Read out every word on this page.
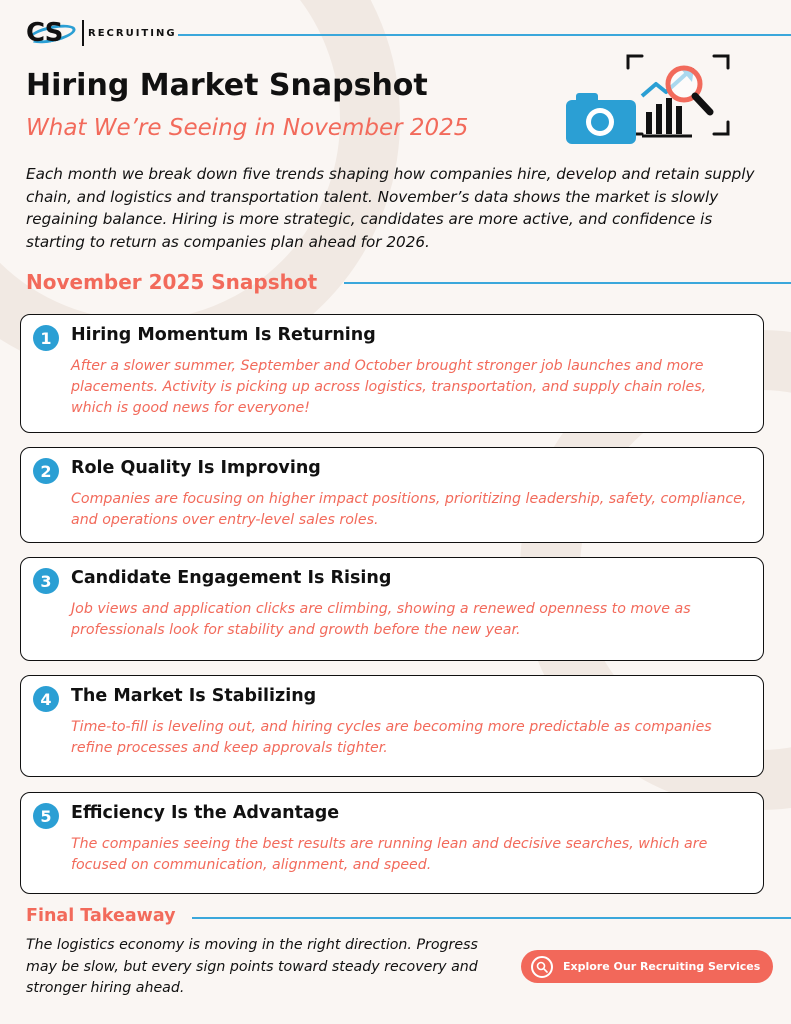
CS	RECRUITING
Hiring Market Snapshot
What We’re Seeing in November 2025

Each month we break down five trends shaping how companies hire, develop and retain supply chain, and logistics and transportation talent. November’s data shows the market is slowly regaining balance. Hiring is more strategic, candidates are more active, and confidence is starting to return as companies plan ahead for 2026.

November 2025 Snapshot
1	Hiring Momentum Is Returning
After a slower summer, September and October brought stronger job launches and more placements. Activity is picking up across logistics, transportation, and supply chain roles, which is good news for everyone!
2	Role Quality Is Improving
Companies are focusing on higher impact positions, prioritizing leadership, safety, compliance, and operations over entry-level sales roles.
3	Candidate Engagement Is Rising
Job views and application clicks are climbing, showing a renewed openness to move as professionals look for stability and growth before the new year.
4	The Market Is Stabilizing
Time-to-fill is leveling out, and hiring cycles are becoming more predictable as companies refine processes and keep approvals tighter.
5	Efficiency Is the Advantage
The companies seeing the best results are running lean and decisive searches, which are focused on communication, alignment, and speed.
Final Takeaway

The logistics economy is moving in the right direction. Progress may be slow, but every sign points toward steady recovery and stronger hiring ahead.

Explore Our Recruiting Services
